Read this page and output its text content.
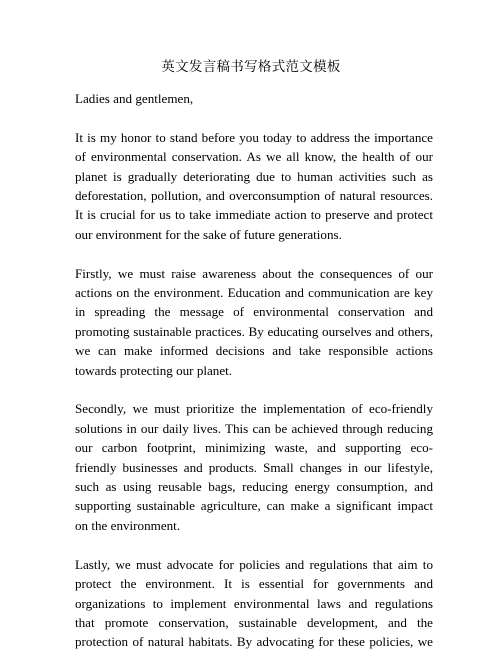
英文发言稿书写格式范文模板

Ladies and gentlemen,

It is my honor to stand before you today to address the importance
of environmental conservation. As we all know, the health of our
planet is gradually deteriorating due to human activities such as
deforestation, pollution, and overconsumption of natural resources.
It is crucial for us to take immediate action to preserve and protect
our environment for the sake of future generations.

Firstly, we must raise awareness about the consequences of our
actions on the environment. Education and communication are key
in spreading the message of environmental conservation and
promoting sustainable practices. By educating ourselves and others,
we can make informed decisions and take responsible actions
towards protecting our planet.

Secondly, we must prioritize the implementation of eco-friendly
solutions in our daily lives. This can be achieved through reducing
our carbon footprint, minimizing waste, and supporting eco-
friendly businesses and products. Small changes in our lifestyle,
such as using reusable bags, reducing energy consumption, and
supporting sustainable agriculture, can make a significant impact
on the environment.

Lastly, we must advocate for policies and regulations that aim to
protect the environment. It is essential for governments and
organizations to implement environmental laws and regulations
that promote conservation, sustainable development, and the
protection of natural habitats. By advocating for these policies, we
